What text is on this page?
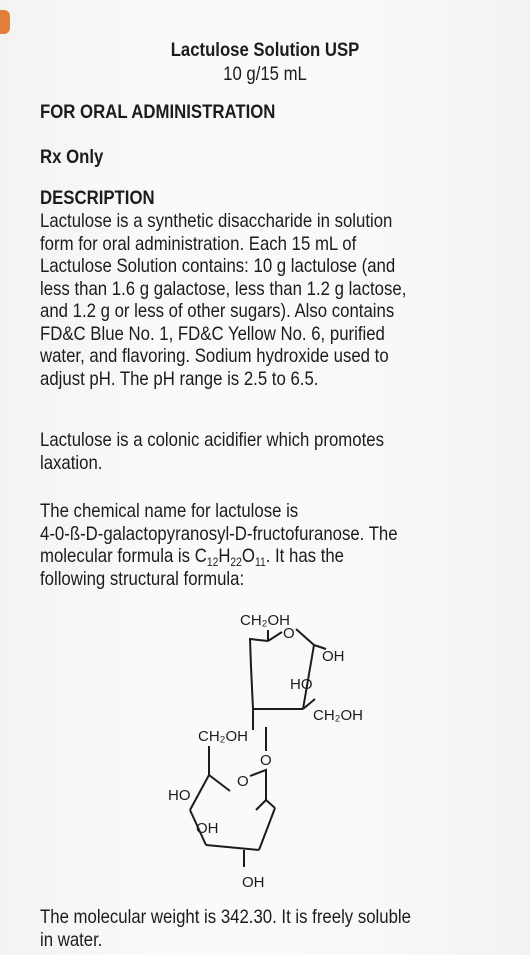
Lactulose Solution USP
10 g/15 mL
FOR ORAL ADMINISTRATION
Rx Only
DESCRIPTION
Lactulose is a synthetic disaccharide in solution
form for oral administration. Each 15 mL of
Lactulose Solution contains: 10 g lactulose (and
less than 1.6 g galactose, less than 1.2 g lactose,
and 1.2 g or less of other sugars). Also contains
FD&C Blue No. 1, FD&C Yellow No. 6, purified
water, and flavoring. Sodium hydroxide used to
adjust pH. The pH range is 2.5 to 6.5.
Lactulose is a colonic acidifier which promotes
laxation.
The chemical name for lactulose is
4-0-ß-D-galactopyranosyl-D-fructofuranose. The
molecular formula is $C_{12}H_{22}O_{11}$. It has the
following structural formula:
CH₂OH
O
OH
HO
CH₂OH
O
CH₂OH
O
HO
OH
OH
The molecular weight is 342.30. It is freely soluble
in water.
